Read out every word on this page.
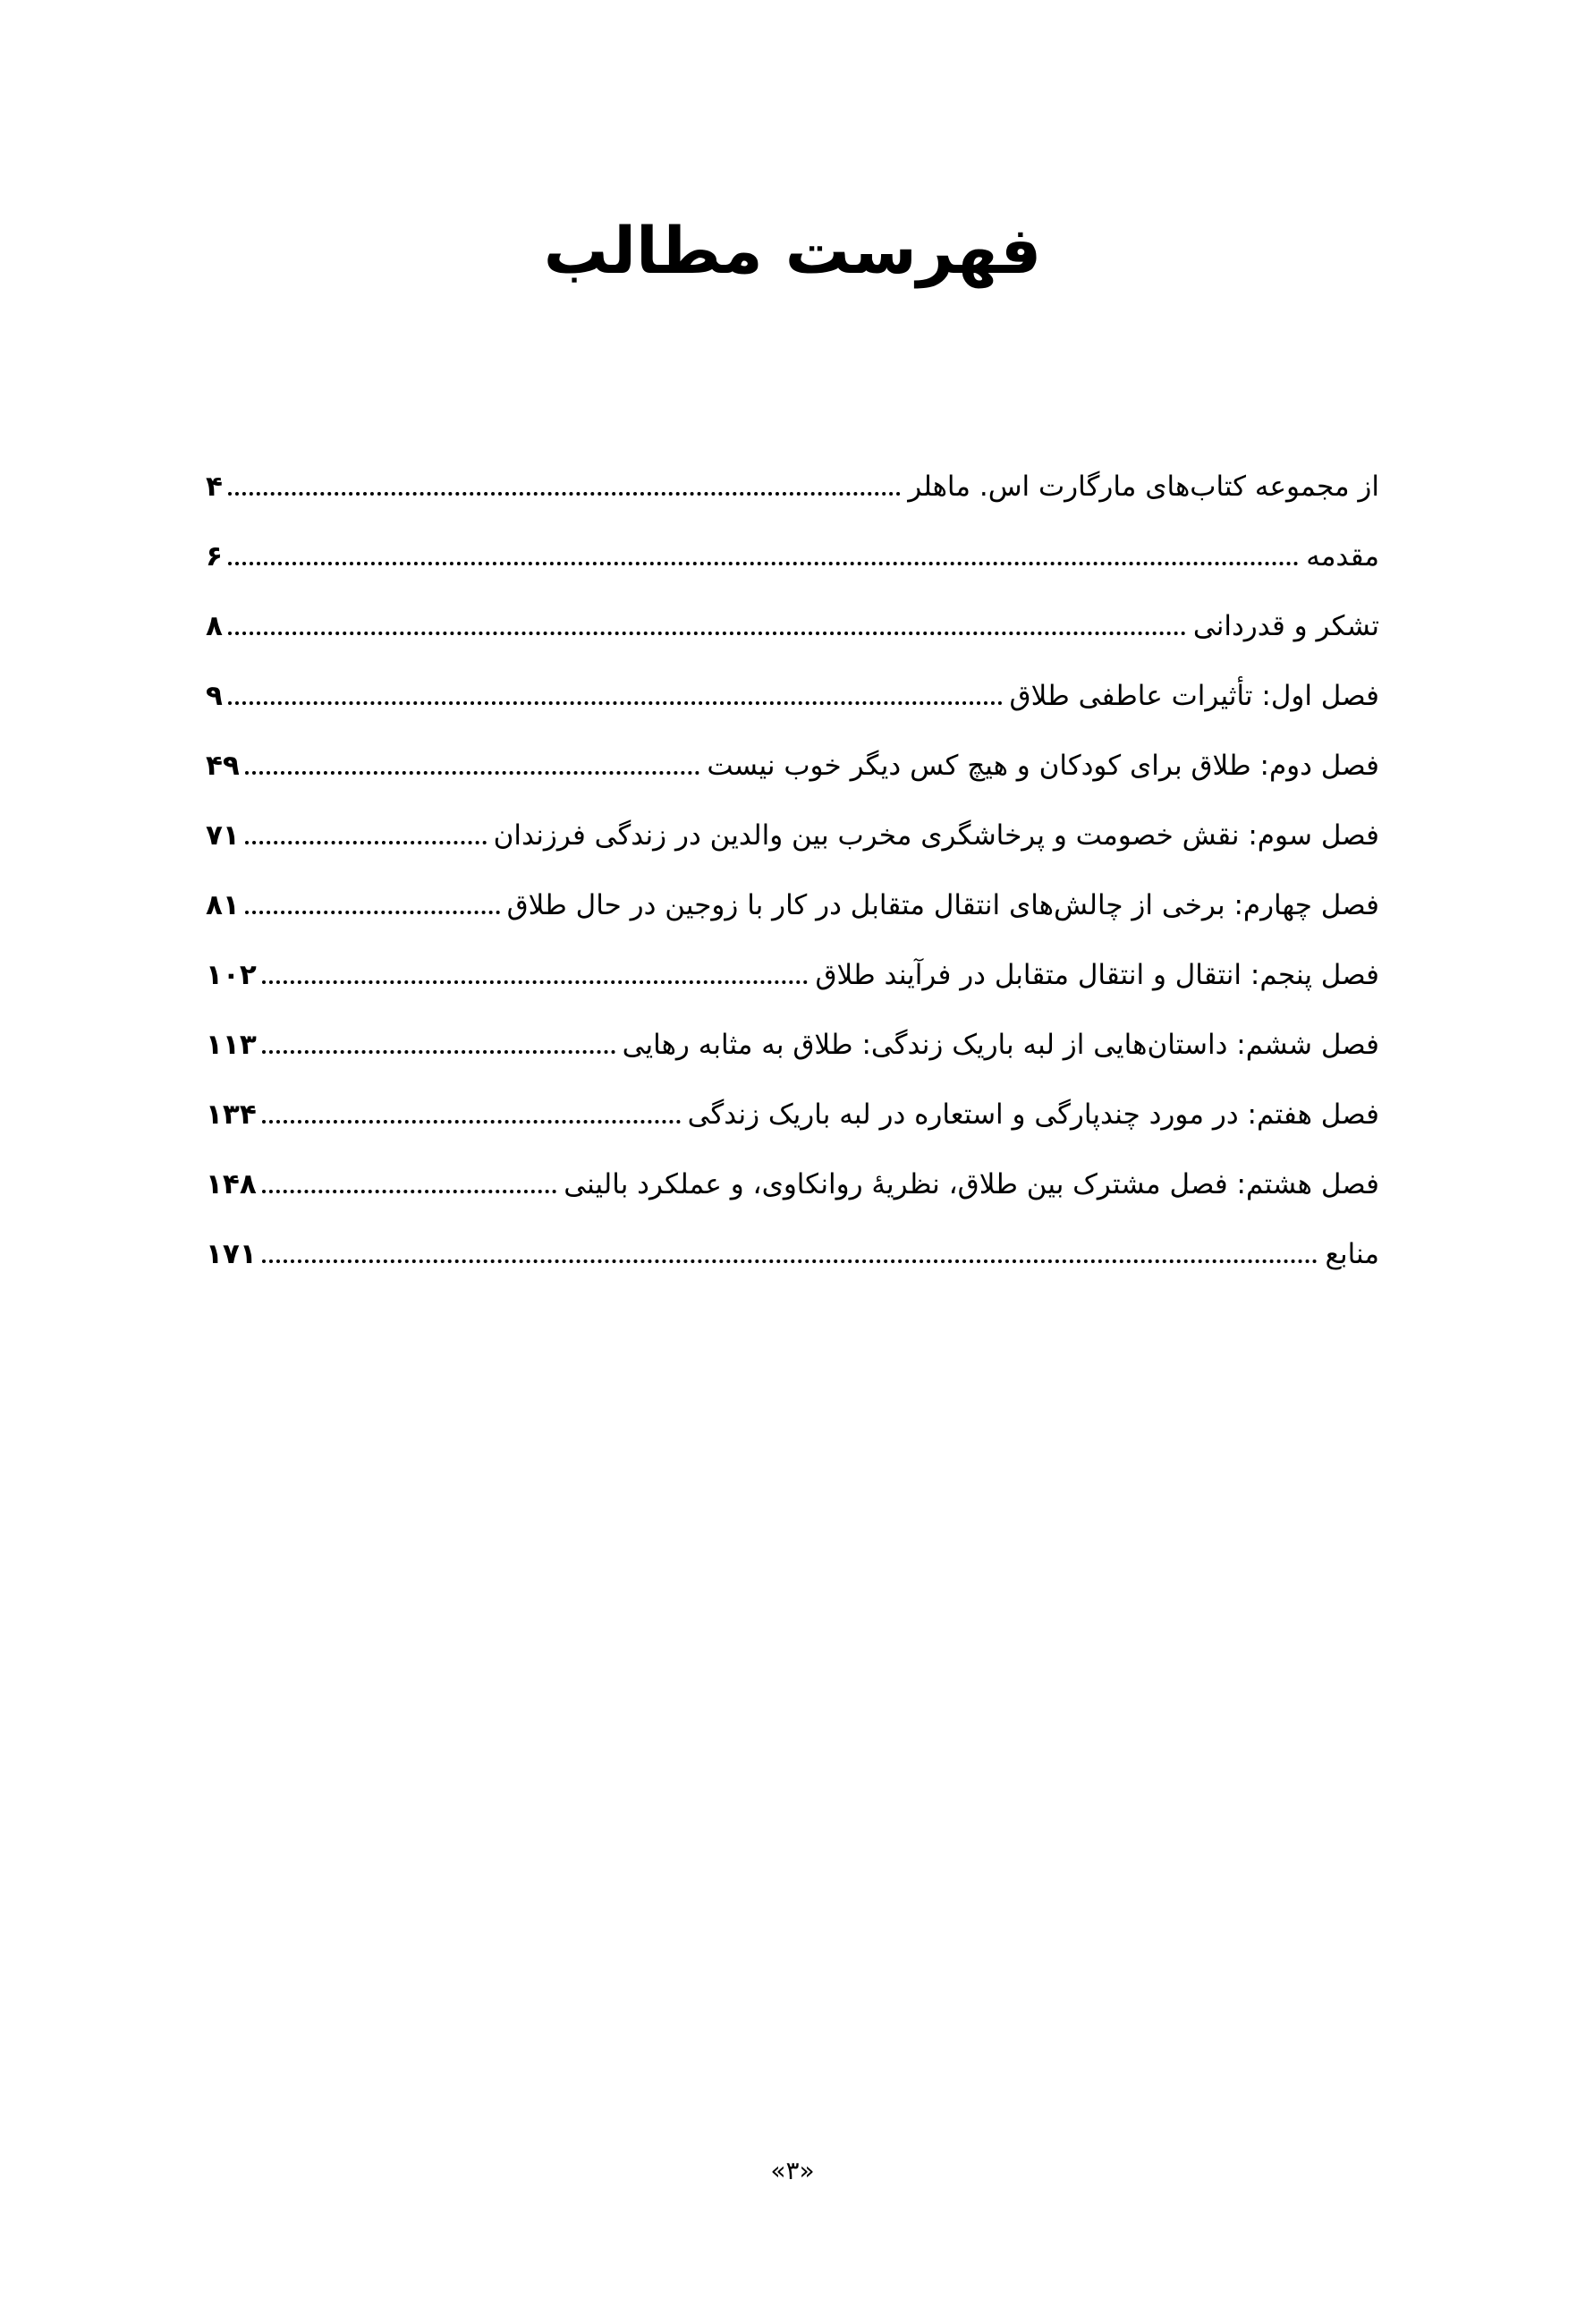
فهرست مطالب
از مجموعه کتاب‌های مارگارت اس. ماهلر
۴
مقدمه
۶
تشکر و قدردانی
۸
فصل اول: تأثیرات عاطفی طلاق
۹
فصل دوم: طلاق برای کودکان و هیچ کس دیگر خوب نیست
۴۹
فصل سوم: نقش خصومت و پرخاشگری مخرب بین والدین در زندگی فرزندان
۷۱
فصل چهارم: برخی از چالش‌های انتقال متقابل در کار با زوجین در حال طلاق
۸۱
فصل پنجم: انتقال و انتقال متقابل در فرآیند طلاق
۱۰۲
فصل ششم: داستان‌هایی از لبه باریک زندگی: طلاق به مثابه رهایی
۱۱۳
فصل هفتم: در مورد چندپارگی و استعاره در لبه باریک زندگی
۱۳۴
فصل هشتم: فصل مشترک بین طلاق، نظریهٔ روانکاوی، و عملکرد بالینی
۱۴۸
منابع
۱۷۱
«۳»
